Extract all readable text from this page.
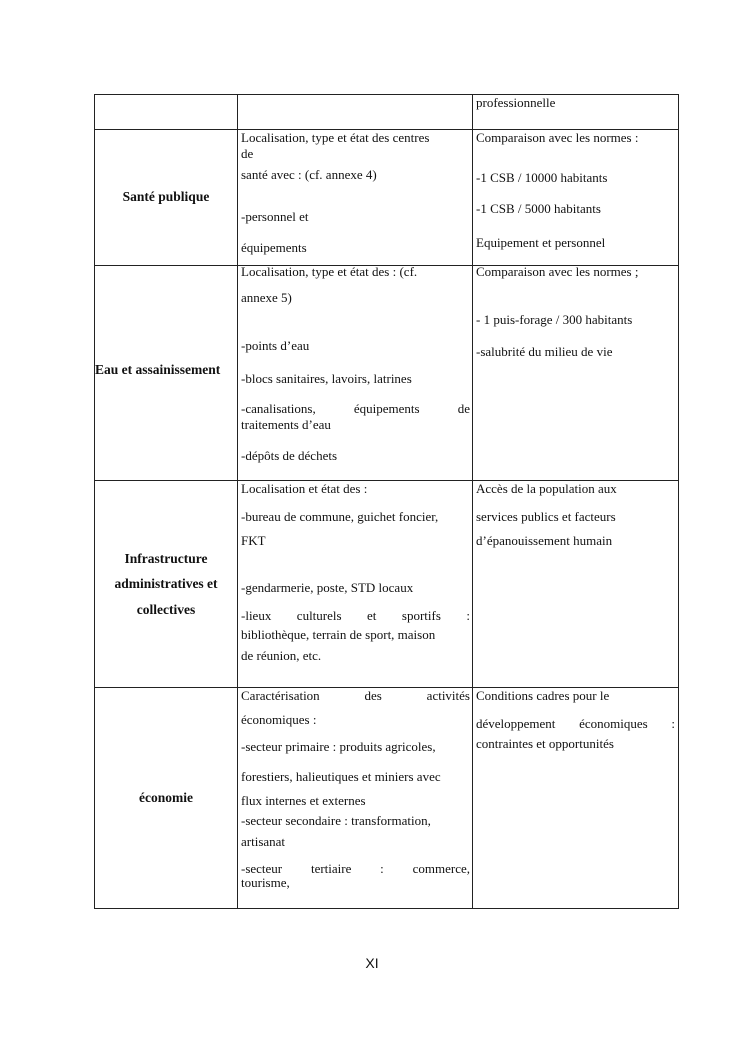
professionnelle

Santé publique

Localisation, type et état des centres

de

santé avec : (cf. annexe 4)

-personnel et

équipements

Comparaison avec les normes :

-1 CSB / 10000 habitants

-1 CSB / 5000 habitants

Equipement et personnel

Eau et assainissement

Localisation, type et état des : (cf.

annexe 5)

-points d’eau

-blocs sanitaires, lavoirs, latrines

-canalisations, équipements de

traitements d’eau

-dépôts de déchets

Comparaison avec les normes ;

- 1 puis-forage / 300 habitants

-salubrité du milieu de vie

Infrastructure
administratives et
collectives

Localisation et état des :

-bureau de commune, guichet foncier,

FKT

-gendarmerie, poste, STD locaux

-lieux culturels et sportifs :

bibliothèque, terrain de sport, maison

de réunion, etc.

Accès de la population aux

services publics et facteurs

d’épanouissement humain

économie

Caractérisation des activités

économiques :

-secteur primaire : produits agricoles,

forestiers, halieutiques et miniers avec

flux internes et externes

-secteur secondaire : transformation,

artisanat

-secteur tertiaire : commerce,

tourisme,

Conditions cadres pour le

développement économiques :

contraintes et opportunités

XI
